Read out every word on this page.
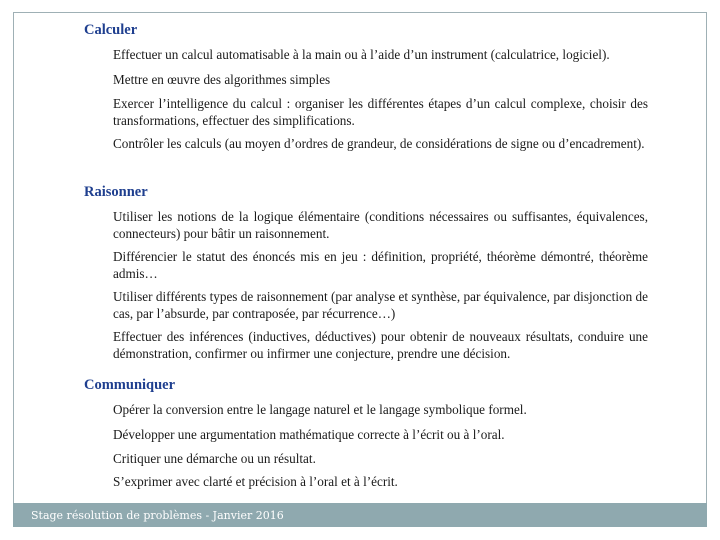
Calculer

Effectuer un calcul automatisable à la main ou à l’aide d’un instrument (calculatrice, logiciel).

Mettre en œuvre des algorithmes simples

Exercer l’intelligence du calcul : organiser les différentes étapes d’un calcul complexe, choisir des transformations, effectuer des simplifications.

Contrôler les calculs (au moyen d’ordres de grandeur, de considérations de signe ou d’encadrement).

Raisonner

Utiliser les notions de la logique élémentaire (conditions nécessaires ou suffisantes, équivalences, connecteurs) pour bâtir un raisonnement.

Différencier le statut des énoncés mis en jeu : définition, propriété, théorème démontré, théorème admis…

Utiliser différents types de raisonnement (par analyse et synthèse, par équivalence, par disjonction de cas, par l’absurde, par contraposée, par récurrence…)

Effectuer des inférences (inductives, déductives) pour obtenir de nouveaux résultats, conduire une démonstration, confirmer ou infirmer une conjecture, prendre une décision.

Communiquer

Opérer la conversion entre le langage naturel et le langage symbolique formel.

Développer une argumentation mathématique correcte à l’écrit ou à l’oral.

Critiquer une démarche ou un résultat.

S’exprimer avec clarté et précision à l’oral et à l’écrit.

Stage résolution de problèmes - Janvier 2016
